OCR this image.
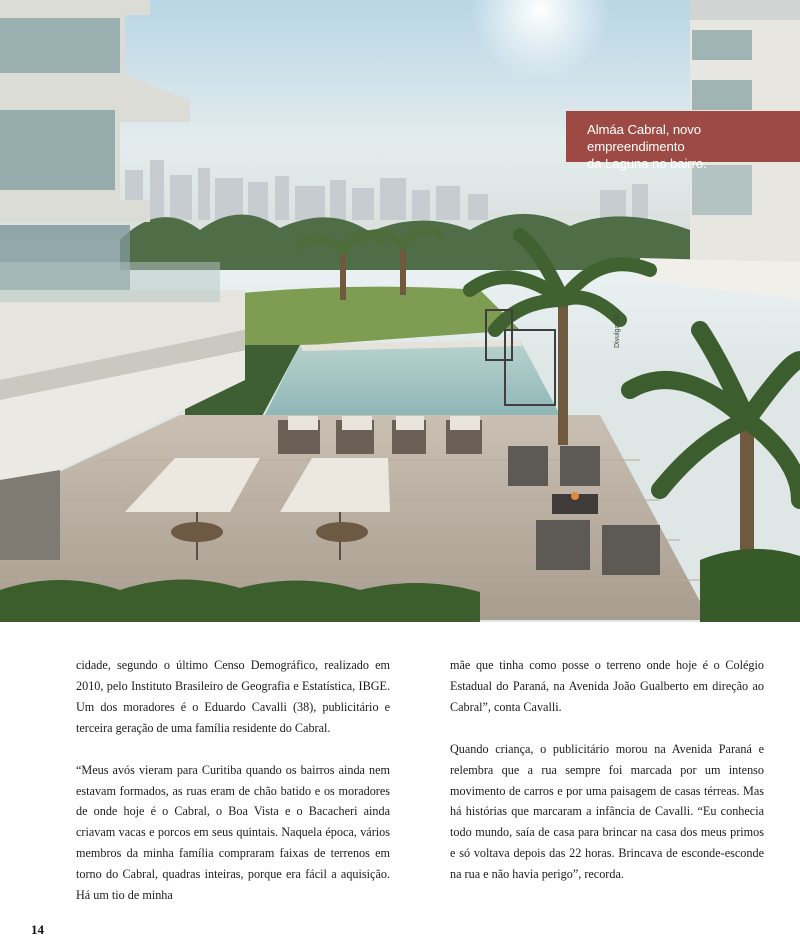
Divulgação
Almáa Cabral, novo empreendimento
da Laguna no bairro.

cidade, segundo o último Censo Demográfico, realizado em 2010, pelo Instituto Brasileiro de Geografia e Estatística, IBGE. Um dos moradores é o Eduardo Cavalli (38), publicitário e terceira geração de uma família residente do Cabral.

“Meus avós vieram para Curitiba quando os bairros ainda nem estavam formados, as ruas eram de chão batido e os moradores de onde hoje é o Cabral, o Boa Vista e o Bacacheri ainda criavam vacas e porcos em seus quintais. Naquela época, vários membros da minha família compraram faixas de terrenos em torno do Cabral, quadras inteiras, porque era fácil a aquisição. Há um tio de minha

mãe que tinha como posse o terreno onde hoje é o Colégio Estadual do Paraná, na Avenida João Gualberto em direção ao Cabral”, conta Cavalli.

Quando criança, o publicitário morou na Avenida Paraná e relembra que a rua sempre foi marcada por um intenso movimento de carros e por uma paisagem de casas térreas. Mas há histórias que marcaram a infância de Cavalli. “Eu conhecia todo mundo, saía de casa para brincar na casa dos meus primos e só voltava depois das 22 horas. Brincava de esconde-esconde na rua e não havia perigo”, recorda.

14
